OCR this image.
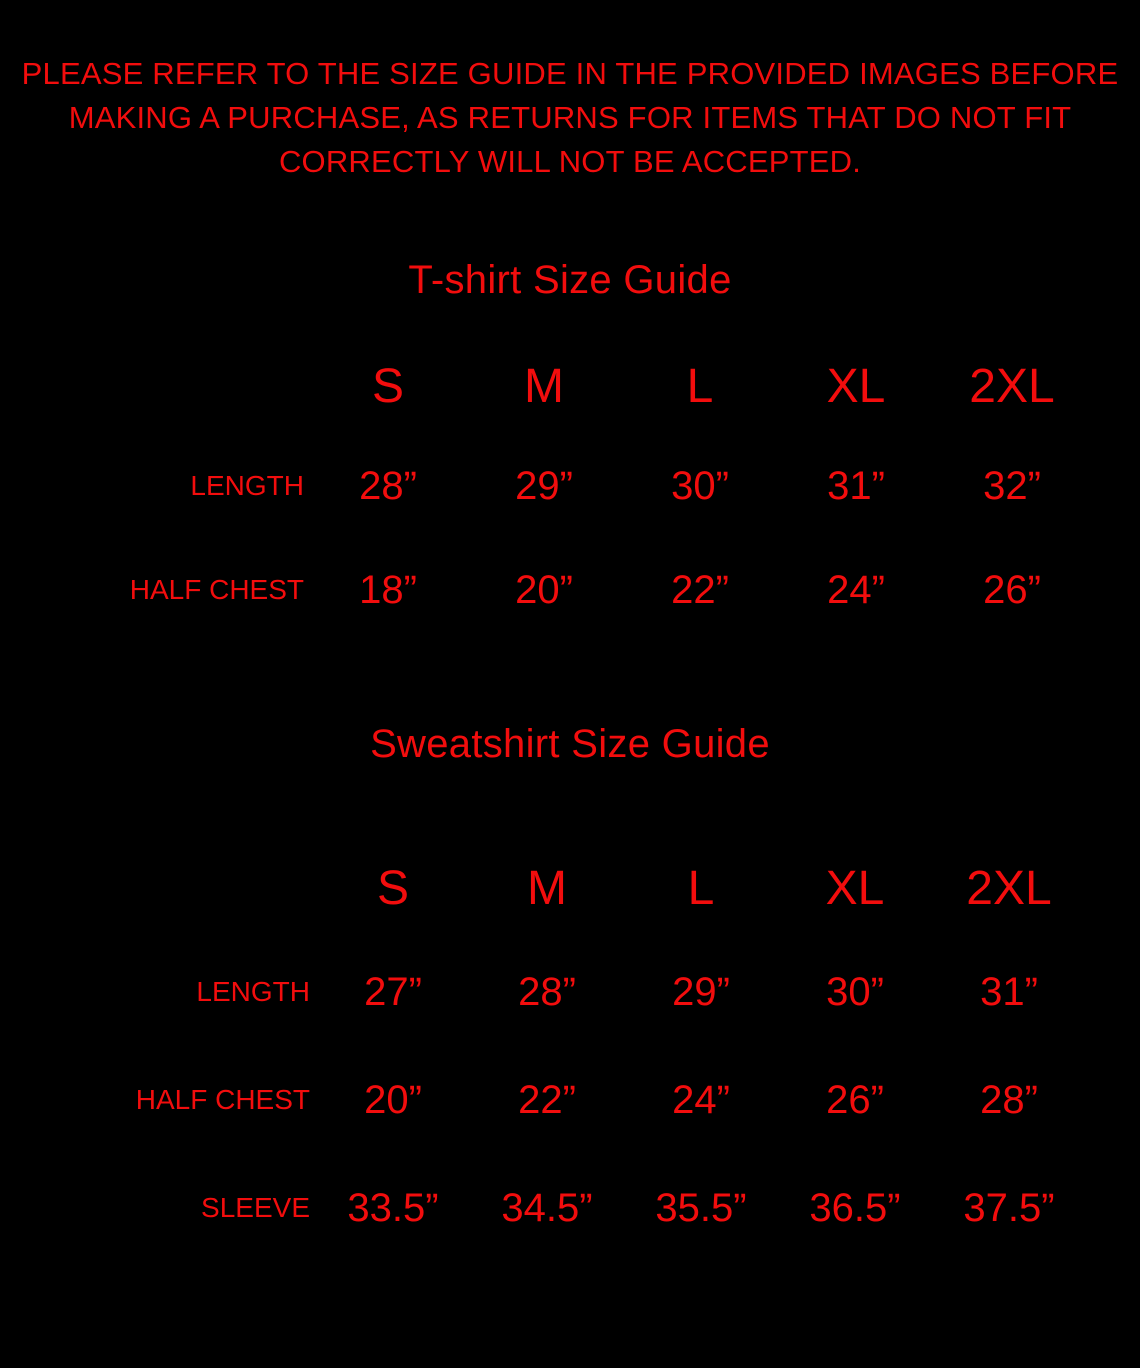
PLEASE REFER TO THE SIZE GUIDE IN THE PROVIDED IMAGES BEFORE MAKING A PURCHASE, AS RETURNS FOR ITEMS THAT DO NOT FIT CORRECTLY WILL NOT BE ACCEPTED.
T-shirt Size Guide
	S	M	L	XL	2XL
LENGTH	28”	29”	30”	31”	32”
HALF CHEST	18”	20”	22”	24”	26”
Sweatshirt Size Guide
	S	M	L	XL	2XL
LENGTH	27”	28”	29”	30”	31”
HALF CHEST	20”	22”	24”	26”	28”
SLEEVE	33.5”	34.5”	35.5”	36.5”	37.5”
